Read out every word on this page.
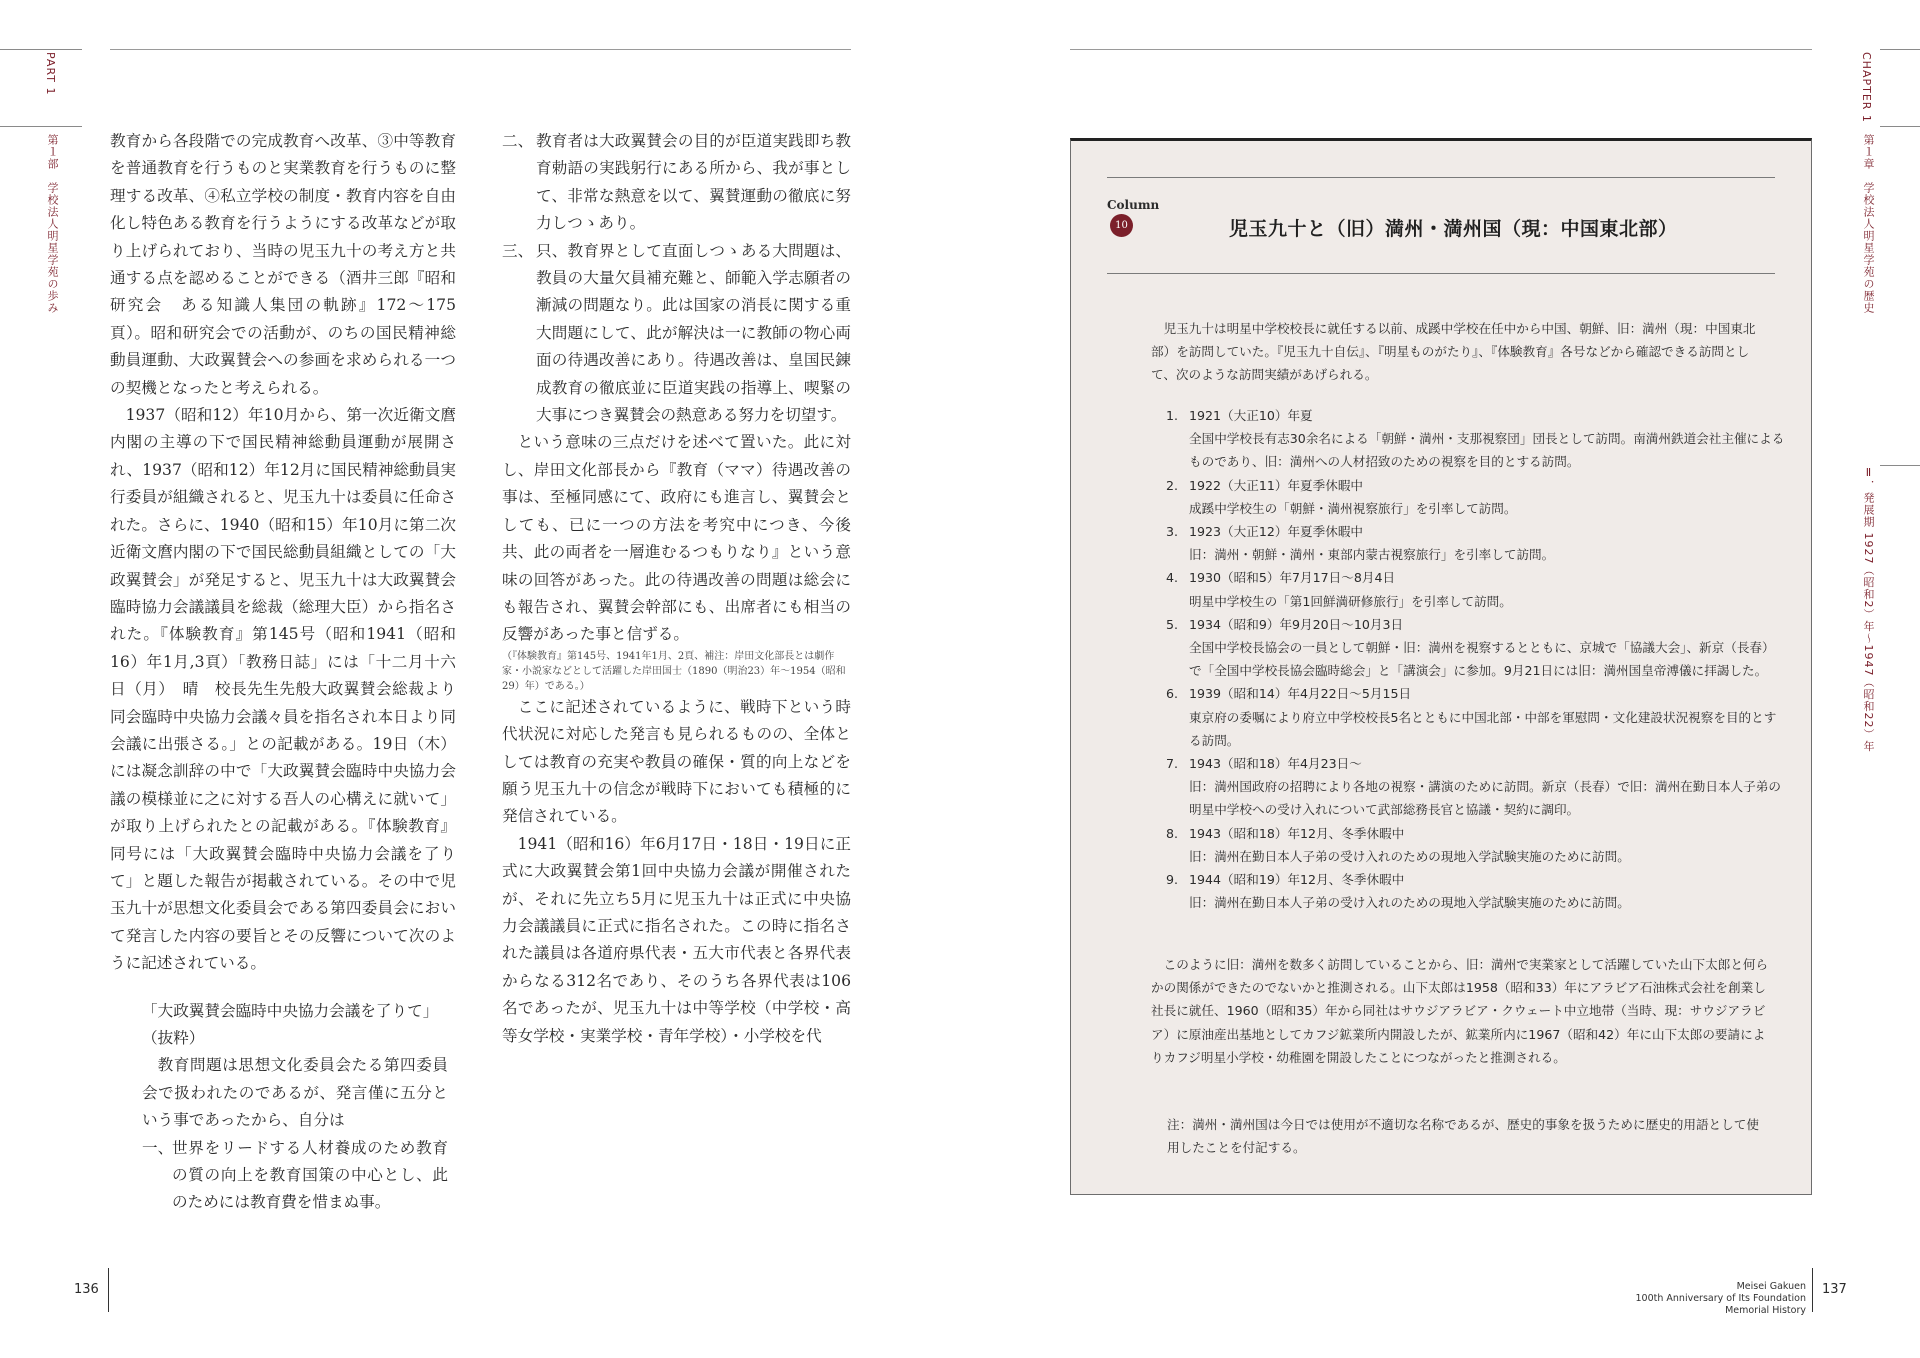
PART 1
第１部　学校法人明星学苑の歩み	教育から各段階での完成教育へ改革、③中等教育を普通教育を行うものと実業教育を行うものに整理する改革、④私立学校の制度・教育内容を自由化し特色ある教育を行うようにする改革などが取り上げられており、当時の児玉九十の考え方と共通する点を認めることができる（酒井三郎『昭和研究会　ある知識人集団の軌跡』172～175頁）。昭和研究会での活動が、のちの国民精神総動員運動、大政翼賛会への参画を求められる一つの契機となったと考えられる。

1937（昭和12）年10月から、第一次近衛文麿内閣の主導の下で国民精神総動員運動が展開され、1937（昭和12）年12月に国民精神総動員実行委員が組織されると、児玉九十は委員に任命された。さらに、1940（昭和15）年10月に第二次近衛文麿内閣の下で国民総動員組織としての「大政翼賛会」が発足すると、児玉九十は大政翼賛会臨時協力会議議員を総裁（総理大臣）から指名された。『体験教育』第145号（昭和1941（昭和16）年1月,3頁）「教務日誌」には「十二月十六日（月）　晴　校長先生先般大政翼賛会総裁より同会臨時中央協力会議々員を指名され本日より同会議に出張さる。」との記載がある。19日（木）には凝念訓辞の中で「大政翼賛会臨時中央協力会議の模様並に之に対する吾人の心構えに就いて」が取り上げられたとの記載がある。『体験教育』同号には「大政翼賛会臨時中央協力会議を了りて」と題した報告が掲載されている。その中で児玉九十が思想文化委員会である第四委員会において発言した内容の要旨とその反響について次のように記述されている。

「大政翼賛会臨時中央協力会議を了りて」

（抜粋）

教育問題は思想文化委員会たる第四委員会で扱われたのであるが、発言僅に五分という事であったから、自分は

一、
世界をリードする人材養成のため教育の質の向上を教育国策の中心とし、此のためには教育費を惜まぬ事。
二、 教育者は大政翼賛会の目的が臣道実践即ち教育勅語の実践躬行にある所から、我が事として、非常な熱意を以て、翼賛運動の徹底に努力しつゝあり。
三、 只、教育界として直面しつゝある大問題は、教員の大量欠員補充難と、師範入学志願者の漸減の問題なり。此は国家の消長に関する重大問題にして、此が解決は一に教師の物心両面の待遇改善にあり。待遇改善は、皇国民錬成教育の徹底並に臣道実践の指導上、喫緊の大事につき翼賛会の熱意ある努力を切望す。

という意味の三点だけを述べて置いた。此に対し、岸田文化部長から『教育（ママ）待遇改善の事は、至極同感にて、政府にも進言し、翼賛会としても、已に一つの方法を考究中につき、今後共、此の両者を一層進むるつもりなり』という意味の回答があった。此の待遇改善の問題は総会にも報告され、翼賛会幹部にも、出席者にも相当の反響があった事と信ずる。

（『体験教育』第145号、1941年1月、2頁、補注：岸田文化部長とは劇作家・小説家などとして活躍した岸田国士（1890（明治23）年～1954（昭和29）年）である。）

ここに記述されているように、戦時下という時代状況に対応した発言も見られるものの、全体としては教育の充実や教員の確保・質的向上などを願う児玉九十の信念が戦時下においても積極的に発信されている。

1941（昭和16）年6月17日・18日・19日に正式に大政翼賛会第1回中央協力会議が開催されたが、それに先立ち5月に児玉九十は正式に中央協力会議議員に正式に指名された。この時に指名された議員は各道府県代表・五大市代表と各界代表からなる312名であり、そのうち各界代表は106名であったが、児玉九十は中等学校（中学校・高等女学校・実業学校・青年学校）・小学校を代

136
CHAPTER 1
第１章　学校法人明星学苑の歴史
Ⅱ．発展期 1927（昭和2）年～1947（昭和22）年
Column
10	児玉九十と（旧）満州・満州国（現：中国東北部）

児玉九十は明星中学校校長に就任する以前、成蹊中学校在任中から中国、朝鮮、旧：満州（現：中国東北部）を訪問していた。『児玉九十自伝』、『明星ものがたり』、『体験教育』各号などから確認できる訪問として、次のような訪問実績があげられる。

1. 1921（大正10）年夏
全国中学校長有志30余名による「朝鮮・満州・支那視察団」団長として訪問。南満州鉄道会社主催によるものであり、旧：満州への人材招致のための視察を目的とする訪問。
2. 1922（大正11）年夏季休暇中
成蹊中学校生の「朝鮮・満州視察旅行」を引率して訪問。
3. 1923（大正12）年夏季休暇中
旧：満州・朝鮮・満州・東部内蒙古視察旅行」を引率して訪問。
4. 1930（昭和5）年7月17日～8月4日
明星中学校生の「第1回鮮満研修旅行」を引率して訪問。
5. 1934（昭和9）年9月20日～10月3日
全国中学校長協会の一員として朝鮮・旧：満州を視察するとともに、京城で「協議大会」、新京（長春）で「全国中学校長協会臨時総会」と「講演会」に参加。9月21日には旧：満州国皇帝溥儀に拝謁した。
6. 1939（昭和14）年4月22日～5月15日
東京府の委嘱により府立中学校校長5名とともに中国北部・中部を軍慰問・文化建設状況視察を目的とする訪問。
7. 1943（昭和18）年4月23日～
旧：満州国政府の招聘により各地の視察・講演のために訪問。新京（長春）で旧：満州在勤日本人子弟の明星中学校への受け入れについて武部総務長官と協議・契約に調印。
8. 1943（昭和18）年12月、冬季休暇中
旧：満州在勤日本人子弟の受け入れのための現地入学試験実施のために訪問。
9. 1944（昭和19）年12月、冬季休暇中
旧：満州在勤日本人子弟の受け入れのための現地入学試験実施のために訪問。

このように旧：満州を数多く訪問していることから、旧：満州で実業家として活躍していた山下太郎と何らかの関係ができたのでないかと推測される。山下太郎は1958（昭和33）年にアラビア石油株式会社を創業し社長に就任、1960（昭和35）年から同社はサウジアラビア・クウェート中立地帯（当時、現：サウジアラビア）に原油産出基地としてカフジ鉱業所内開設したが、鉱業所内に1967（昭和42）年に山下太郎の要請によりカフジ明星小学校・幼稚園を開設したことにつながったと推測される。

注：満州・満州国は今日では使用が不適切な名称であるが、歴史的事象を扱うために歴史的用語として使用したことを付記する。

Meisei Gakuen
100th Anniversary of Its Foundation
Memorial History
137
